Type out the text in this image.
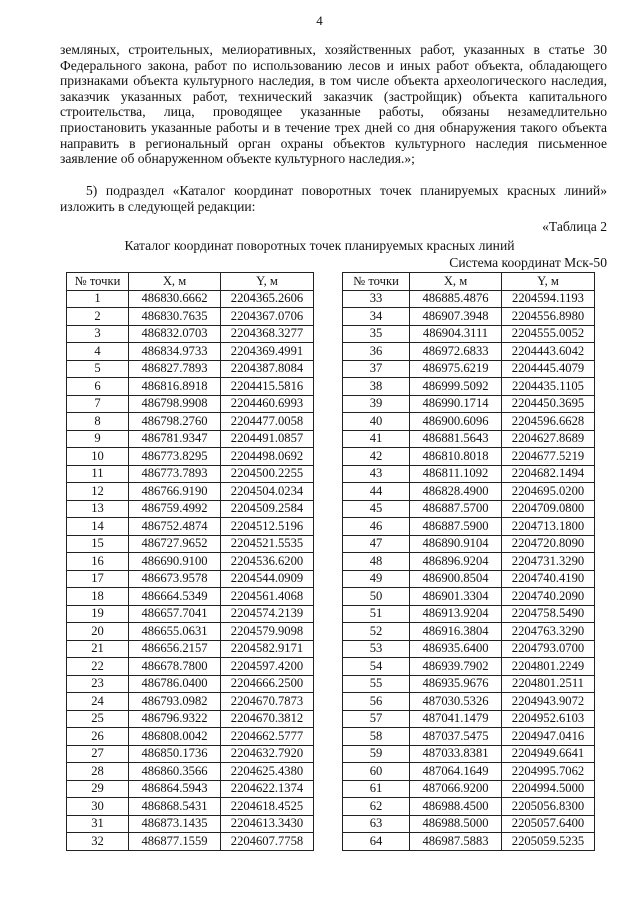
4

земляных, строительных, мелиоративных, хозяйственных работ, указанных в статье 30 Федерального закона, работ по использованию лесов и иных работ объекта, обладающего признаками объекта культурного наследия, в том числе объекта археологического наследия, заказчик указанных работ, технический заказчик (застройщик) объекта капитального строительства, лица, проводящее указанные работы, обязаны незамедлительно приостановить указанные работы и в течение трех дней со дня обнаружения такого объекта направить в региональный орган охраны объектов культурного наследия письменное заявление об обнаруженном объекте культурного наследия.»;

5) подраздел «Каталог координат поворотных точек планируемых красных линий» изложить в следующей редакции:

«Таблица 2
Каталог координат поворотных точек планируемых красных линий
Система координат Мск-50
№ точки	X, м	Y, м
1	486830.6662	2204365.2606
2	486830.7635	2204367.0706
3	486832.0703	2204368.3277
4	486834.9733	2204369.4991
5	486827.7893	2204387.8084
6	486816.8918	2204415.5816
7	486798.9908	2204460.6993
8	486798.2760	2204477.0058
9	486781.9347	2204491.0857
10	486773.8295	2204498.0692
11	486773.7893	2204500.2255
12	486766.9190	2204504.0234
13	486759.4992	2204509.2584
14	486752.4874	2204512.5196
15	486727.9652	2204521.5535
16	486690.9100	2204536.6200
17	486673.9578	2204544.0909
18	486664.5349	2204561.4068
19	486657.7041	2204574.2139
20	486655.0631	2204579.9098
21	486656.2157	2204582.9171
22	486678.7800	2204597.4200
23	486786.0400	2204666.2500
24	486793.0982	2204670.7873
25	486796.9322	2204670.3812
26	486808.0042	2204662.5777
27	486850.1736	2204632.7920
28	486860.3566	2204625.4380
29	486864.5943	2204622.1374
30	486868.5431	2204618.4525
31	486873.1435	2204613.3430
32	486877.1559	2204607.7758
№ точки	X, м	Y, м
33	486885.4876	2204594.1193
34	486907.3948	2204556.8980
35	486904.3111	2204555.0052
36	486972.6833	2204443.6042
37	486975.6219	2204445.4079
38	486999.5092	2204435.1105
39	486990.1714	2204450.3695
40	486900.6096	2204596.6628
41	486881.5643	2204627.8689
42	486810.8018	2204677.5219
43	486811.1092	2204682.1494
44	486828.4900	2204695.0200
45	486887.5700	2204709.0800
46	486887.5900	2204713.1800
47	486890.9104	2204720.8090
48	486896.9204	2204731.3290
49	486900.8504	2204740.4190
50	486901.3304	2204740.2090
51	486913.9204	2204758.5490
52	486916.3804	2204763.3290
53	486935.6400	2204793.0700
54	486939.7902	2204801.2249
55	486935.9676	2204801.2511
56	487030.5326	2204943.9072
57	487041.1479	2204952.6103
58	487037.5475	2204947.0416
59	487033.8381	2204949.6641
60	487064.1649	2204995.7062
61	487066.9200	2204994.5000
62	486988.4500	2205056.8300
63	486988.5000	2205057.6400
64	486987.5883	2205059.5235
